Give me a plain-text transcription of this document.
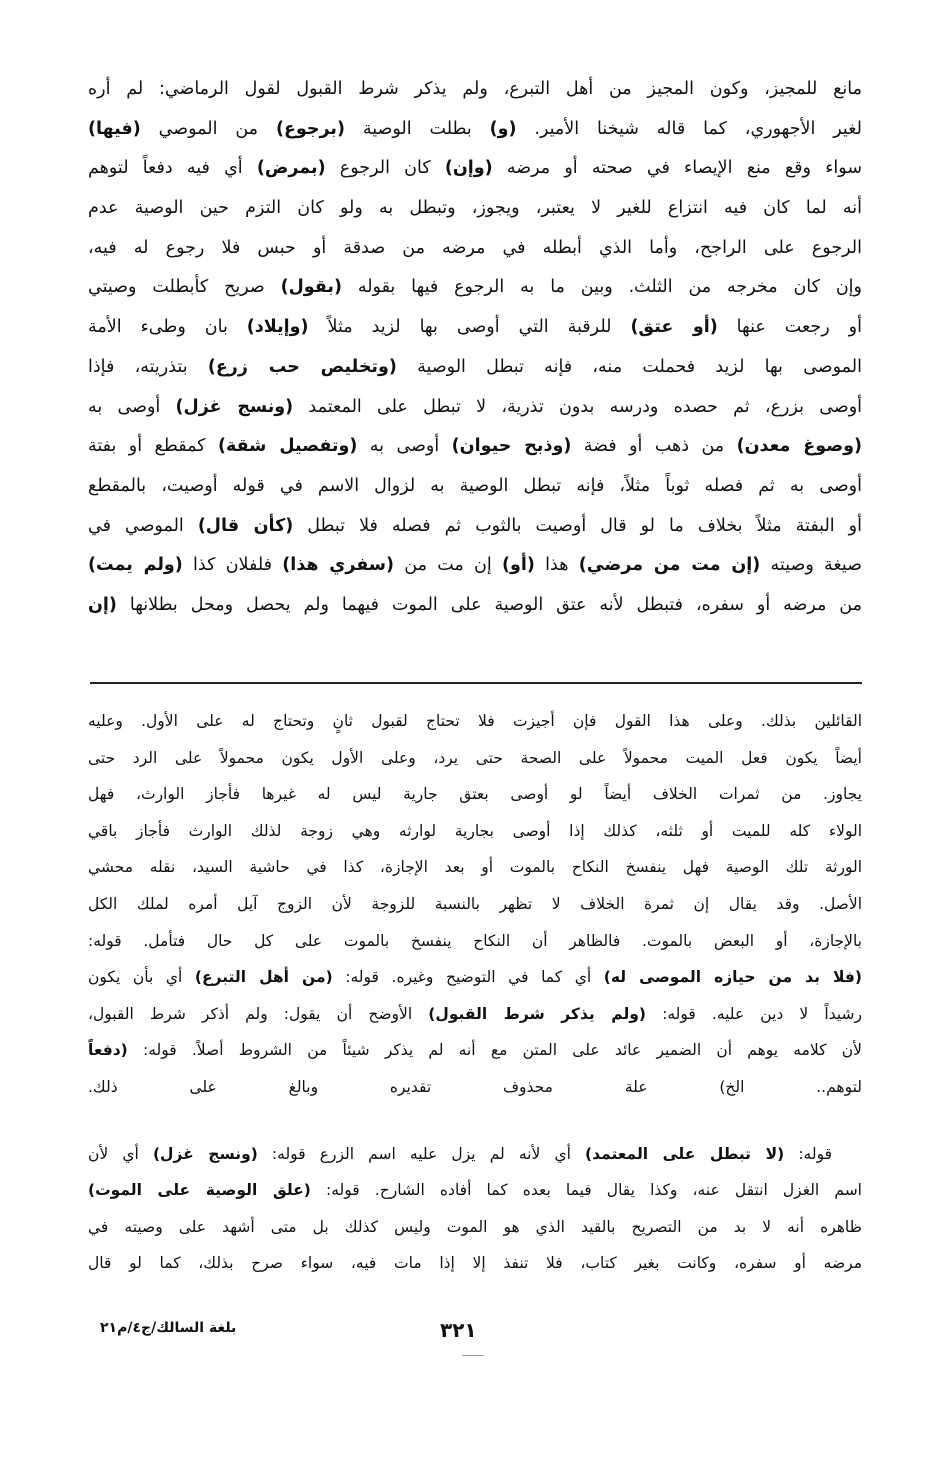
مانع للمجيز، وكون المجيز من أهل التبرع، ولم يذكر شرط القبول لقول الرماضي: لم أره
لغير الأجهوري، كما قاله شيخنا الأمير. (و) بطلت الوصية (برجوع) من الموصي (فيها)
سواء وقع منع الإيصاء في صحته أو مرضه (وإن) كان الرجوع (بمرض) أي فيه دفعاً لتوهم
أنه لما كان فيه انتزاع للغير لا يعتبر، ويجوز، وتبطل به ولو كان التزم حين الوصية عدم
الرجوع على الراجح، وأما الذي أبطله في مرضه من صدقة أو حبس فلا رجوع له فيه،
وإن كان مخرجه من الثلث. وبين ما به الرجوع فيها بقوله (بقول) صريح كأبطلت وصيتي
أو رجعت عنها (أو عتق) للرقبة التي أوصى بها لزيد مثلاً (وإيلاد) بان وطىء الأمة
الموصى بها لزيد فحملت منه، فإنه تبطل الوصية (وتخليص حب زرع) بتذريته، فإذا
أوصى بزرع، ثم حصده ودرسه بدون تذرية، لا تبطل على المعتمد (ونسج غزل) أوصى به
(وصوغ معدن) من ذهب أو فضة (وذبح حيوان) أوصى به (وتفصيل شقة) كمقطع أو بفتة
أوصى به ثم فصله ثوباً مثلاً، فإنه تبطل الوصية به لزوال الاسم في قوله أوصيت، بالمقطع
أو البفتة مثلاً بخلاف ما لو قال أوصيت بالثوب ثم فصله فلا تبطل (كأن قال) الموصي في
صيغة وصيته (إن مت من مرضي) هذا (أو) إن مت من (سفري هذا) فلفلان كذا (ولم يمت)
من مرضه أو سفره، فتبطل لأنه عتق الوصية على الموت فيهما ولم يحصل ومحل بطلانها (إن
القائلين بذلك. وعلى هذا القول فإن أجيزت فلا تحتاج لقبول ثانٍ وتحتاج له على الأول. وعليه
أيضاً يكون فعل الميت محمولاً على الصحة حتى يرد، وعلى الأول يكون محمولاً على الرد حتى
يجاوز. من ثمرات الخلاف أيضاً لو أوصى بعتق جارية ليس له غيرها فأجاز الوارث، فهل
الولاء كله للميت أو ثلثه، كذلك إذا أوصى بجارية لوارثه وهي زوجة لذلك الوارث فأجاز باقي
الورثة تلك الوصية فهل ينفسخ النكاح بالموت أو بعد الإجازة، كذا في حاشية السيد، نقله محشي
الأصل. وقد يقال إن ثمرة الخلاف لا تظهر بالنسبة للزوجة لأن الزوج آيل أمره لملك الكل
بالإجازة، أو البعض بالموت. فالظاهر أن النكاح ينفسخ بالموت على كل حال فتأمل. قوله:
(فلا بد من حيازه الموصى له) أي كما في التوضيح وغيره. قوله: (من أهل التبرع) أي بأن يكون
رشيداً لا دين عليه. قوله: (ولم يذكر شرط القبول) الأوضح أن يقول: ولم أذكر شرط القبول،
لأن كلامه يوهم أن الضمير عائد على المتن مع أنه لم يذكر شيئاً من الشروط أصلاً. قوله: (دفعاً
لتوهم.. الخ) علة محذوف تقديره وبالغ على ذلك.
قوله: (لا تبطل على المعتمد) أي لأنه لم يزل عليه اسم الزرع قوله: (ونسج غزل) أي لأن
اسم الغزل انتقل عنه، وكذا يقال فيما بعده كما أفاده الشارح. قوله: (علق الوصية على الموت)
ظاهره أنه لا بد من التصريح بالقيد الذي هو الموت وليس كذلك بل متى أشهد على وصيته في
مرضه أو سفره، وكانت بغير كتاب، فلا تنفذ إلا إذا مات فيه، سواء صرح بذلك، كما لو قال
٣٢١
بلغة السالك/ج٤/م٢١
